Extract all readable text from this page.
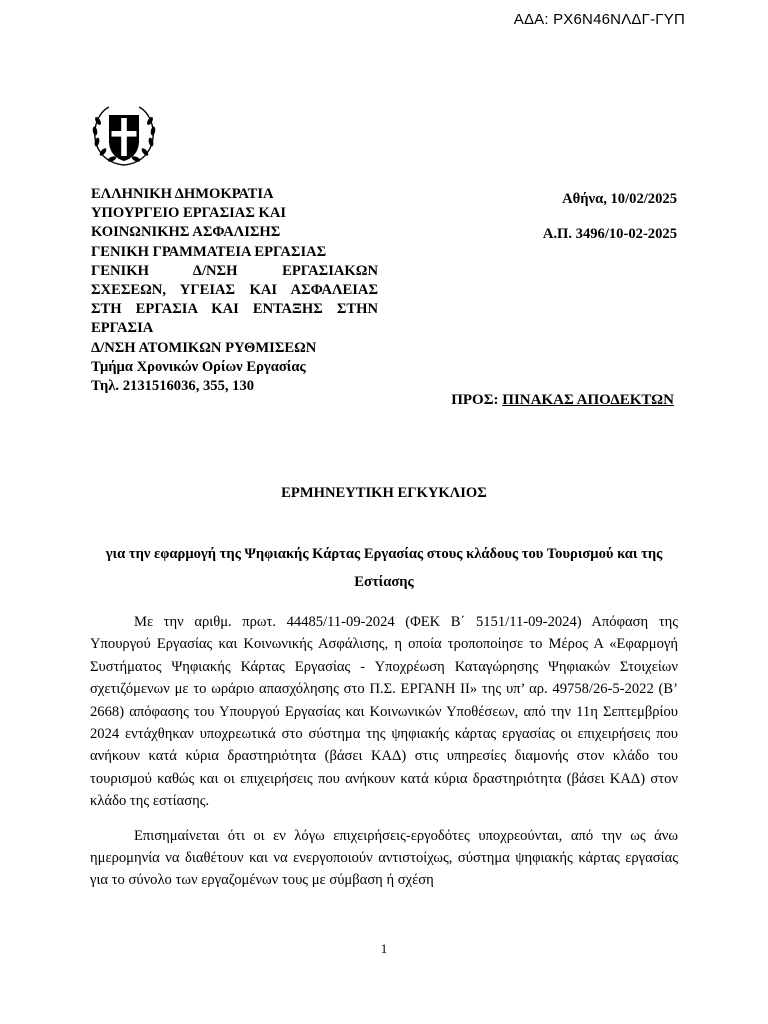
ΑΔΑ: ΡΧ6Ν46ΝΛΔΓ-ΓΥΠ
ΕΛΛΗΝΙΚΗ ΔΗΜΟΚΡΑΤΙΑ
ΥΠΟΥΡΓΕΙΟ ΕΡΓΑΣΙΑΣ ΚΑΙ
ΚΟΙΝΩΝΙΚΗΣ ΑΣΦΑΛΙΣΗΣ
ΓΕΝΙΚΗ ΓΡΑΜΜΑΤΕΙΑ ΕΡΓΑΣΙΑΣ
ΓΕΝΙΚΗ Δ/ΝΣΗ ΕΡΓΑΣΙΑΚΩΝ
ΣΧΕΣΕΩΝ, ΥΓΕΙΑΣ ΚΑΙ ΑΣΦΑΛΕΙΑΣ
ΣΤΗ ΕΡΓΑΣΙΑ ΚΑΙ ΕΝΤΑΞΗΣ ΣΤΗΝ
ΕΡΓΑΣΙΑ
Δ/ΝΣΗ ΑΤΟΜΙΚΩΝ ΡΥΘΜΙΣΕΩΝ
Τμήμα Χρονικών Ορίων Εργασίας
Τηλ. 2131516036, 355, 130
Αθήνα, 10/02/2025
Α.Π. 3496/10-02-2025
ΠΡΟΣ: ΠΙΝΑΚΑΣ ΑΠΟΔΕΚΤΩΝ
ΕΡΜΗΝΕΥΤΙΚΗ ΕΓΚΥΚΛΙΟΣ
για την εφαρμογή της Ψηφιακής Κάρτας Εργασίας στους κλάδους του Τουρισμού και της Εστίασης

Με την αριθμ. πρωτ. 44485/11-09-2024 (ΦΕΚ Β΄ 5151/11-09-2024) Απόφαση της Υπουργού Εργασίας και Κοινωνικής Ασφάλισης, η οποία τροποποίησε το Μέρος Α «Εφαρμογή Συστήματος Ψηφιακής Κάρτας Εργασίας - Υποχρέωση Καταγώρησης Ψηφιακών Στοιχείων σχετιζόμενων με το ωράριο απασχόλησης στο Π.Σ. ΕΡΓΑΝΗ ΙΙ» της υπ’ αρ. 49758/26-5-2022 (Β’ 2668) απόφασης του Υπουργού Εργασίας και Κοινωνικών Υποθέσεων, από την 11η Σεπτεμβρίου 2024 εντάχθηκαν υποχρεωτικά στο σύστημα της ψηφιακής κάρτας εργασίας οι επιχειρήσεις που ανήκουν κατά κύρια δραστηριότητα (βάσει ΚΑΔ) στις υπηρεσίες διαμονής στον κλάδο του τουρισμού καθώς και οι επιχειρήσεις που ανήκουν κατά κύρια δραστηριότητα (βάσει ΚΑΔ) στον κλάδο της εστίασης.

Επισημαίνεται ότι οι εν λόγω επιχειρήσεις-εργοδότες υποχρεούνται, από την ως άνω ημερομηνία να διαθέτουν και να ενεργοποιούν αντιστοίχως, σύστημα ψηφιακής κάρτας εργασίας για το σύνολο των εργαζομένων τους με σύμβαση ή σχέση

1
